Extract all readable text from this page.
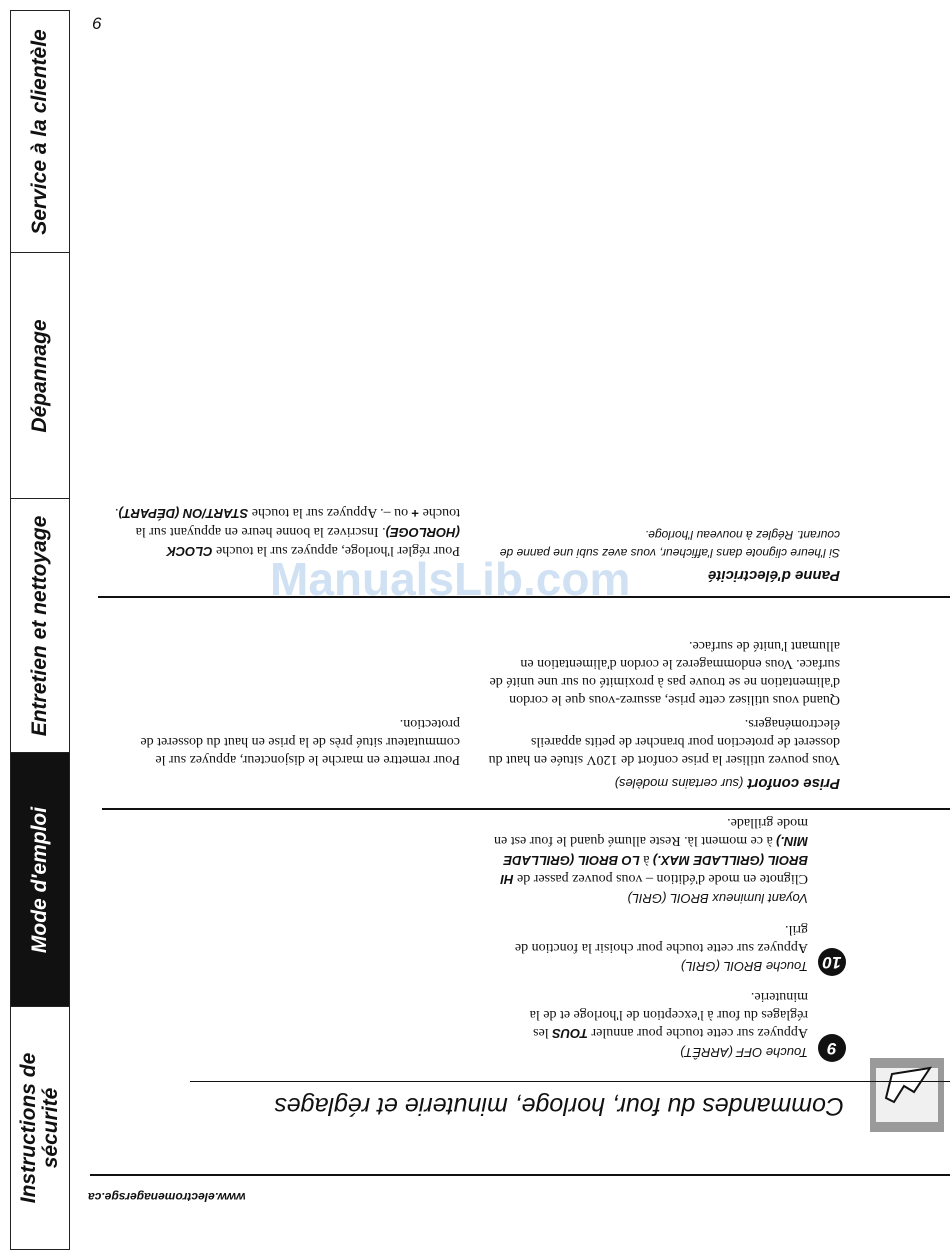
Service à la clientèle
Dépannage
Entretien et nettoyage
Mode d'emploi
Instructions de sécurité
6
Commandes du four, horloge, minuterie et réglages
9
Touche OFF (ARRÊT)
Appuyez sur cette touche pour annuler TOUS les réglages du four à l'exception de l'horloge et de la minuterie.
10
Touche BROIL (GRIL)
Appuyez sur cette touche pour choisir la fonction de gril.
Voyant lumineux BROIL (GRIL)
Clignote en mode d'édition – vous pouvez passer de HI BROIL (GRILLADE MAX.) à LO BROIL (GRILLADE MIN.) à ce moment là. Reste allumé quand le four est en mode grillade.
Prise confort (sur certains modèles)
Vous pouvez utiliser la prise confort de 120V située en haut du dosseret de protection pour brancher de petits appareils électroménagers.
Quand vous utilisez cette prise, assurez-vous que le cordon d'alimentation ne se trouve pas à proximité ou sur une unité de surface. Vous endommagerez le cordon d'alimentation en allumant l'unité de surface.
Pour remettre en marche le disjoncteur, appuyez sur le commutateur situé près de la prise en haut du dosseret de protection.
Panne d'électricité
Si l'heure clignote dans l'afficheur, vous avez subi une panne de courant. Réglez à nouveau l'horloge.
Pour régler l'horloge, appuyez sur la touche CLOCK (HORLOGE). Inscrivez la bonne heure en appuyant sur la touche + ou –. Appuyez sur la touche START/ON (DÉPART).
www.electromenagersge.ca
ManualsLib.com
